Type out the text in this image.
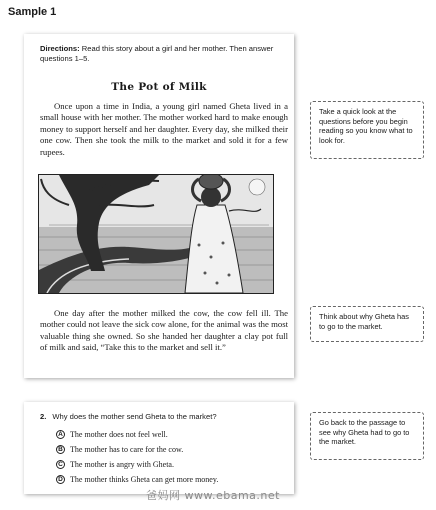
Sample 1
Directions: Read this story about a girl and her mother. Then answer questions 1–5.
The Pot of Milk
Once upon a time in India, a young girl named Gheta lived in a small house with her mother. The mother worked hard to make enough money to support herself and her daughter. Every day, she milked their one cow. Then she took the milk to the market and sold it for a few rupees.
One day after the mother milked the cow, the cow fell ill. The mother could not leave the sick cow alone, for the animal was the most valuable thing she owned. So she handed her daughter a clay pot full of milk and said, “Take this to the market and sell it.”
Take a quick look at the questions before you begin reading so you know what to look for.
Think about why Gheta has to go to the market.
2. Why does the mother send Gheta to the market?
A The mother does not feel well.
B The mother has to care for the cow.
C The mother is angry with Gheta.
D The mother thinks Gheta can get more money.
Go back to the passage to see why Gheta had to go to the market.
爸妈网 www.ebama.net
